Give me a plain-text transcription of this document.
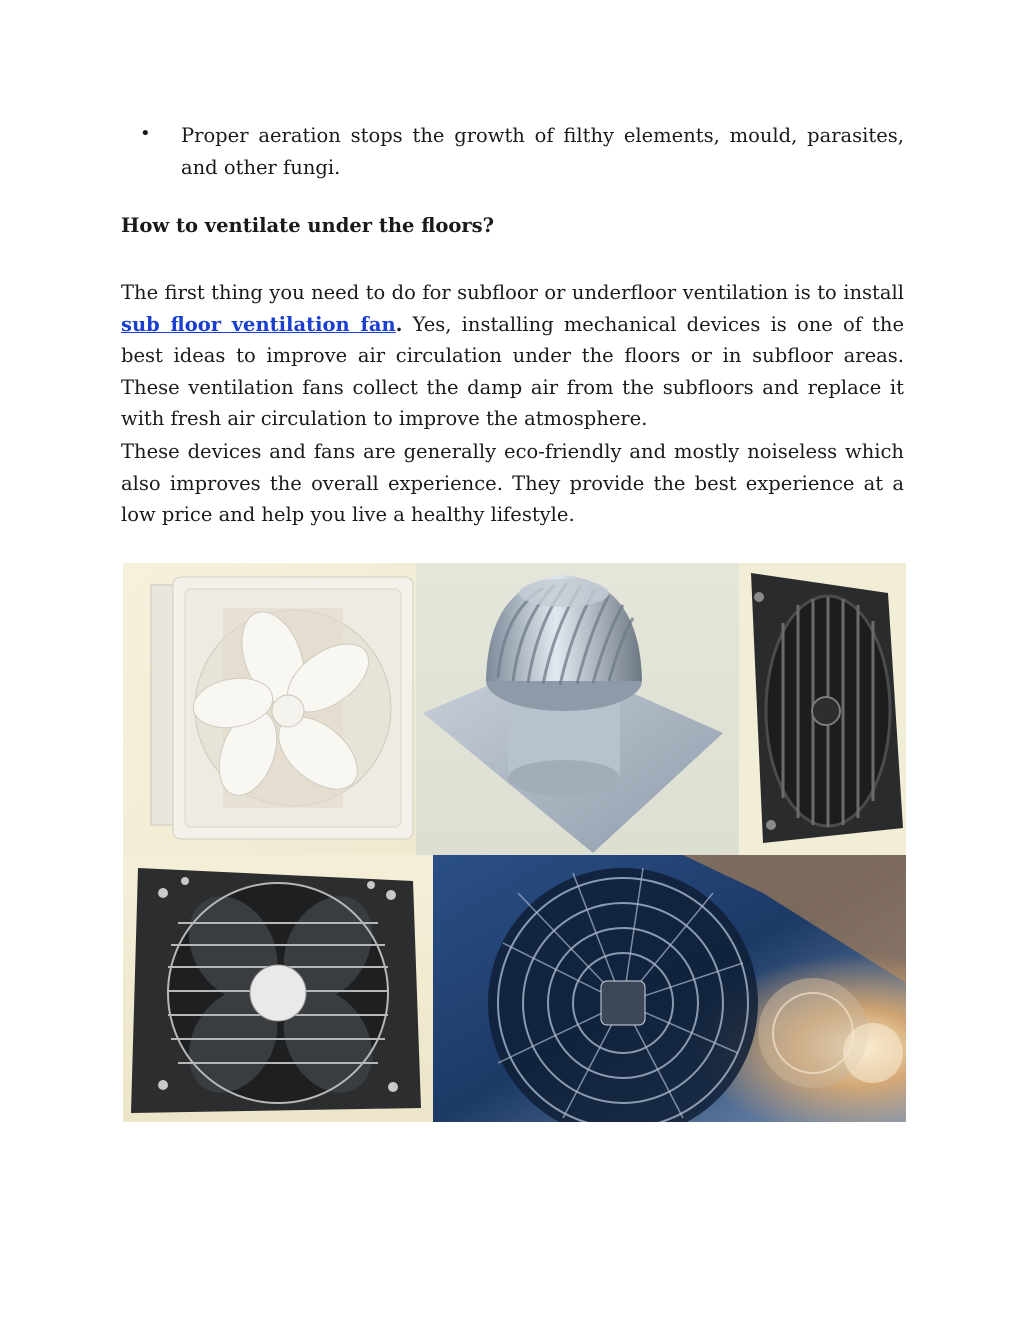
• Proper aeration stops the growth of filthy elements, mould, parasites, and other fungi.
How to ventilate under the floors?

The first thing you need to do for subfloor or underfloor ventilation is to install sub floor ventilation fan. Yes, installing mechanical devices is one of the best ideas to improve air circulation under the floors or in subfloor areas. These ventilation fans collect the damp air from the subfloors and replace it with fresh air circulation to improve the atmosphere.

These devices and fans are generally eco-friendly and mostly noiseless which also improves the overall experience. They provide the best experience at a low price and help you live a healthy lifestyle.
